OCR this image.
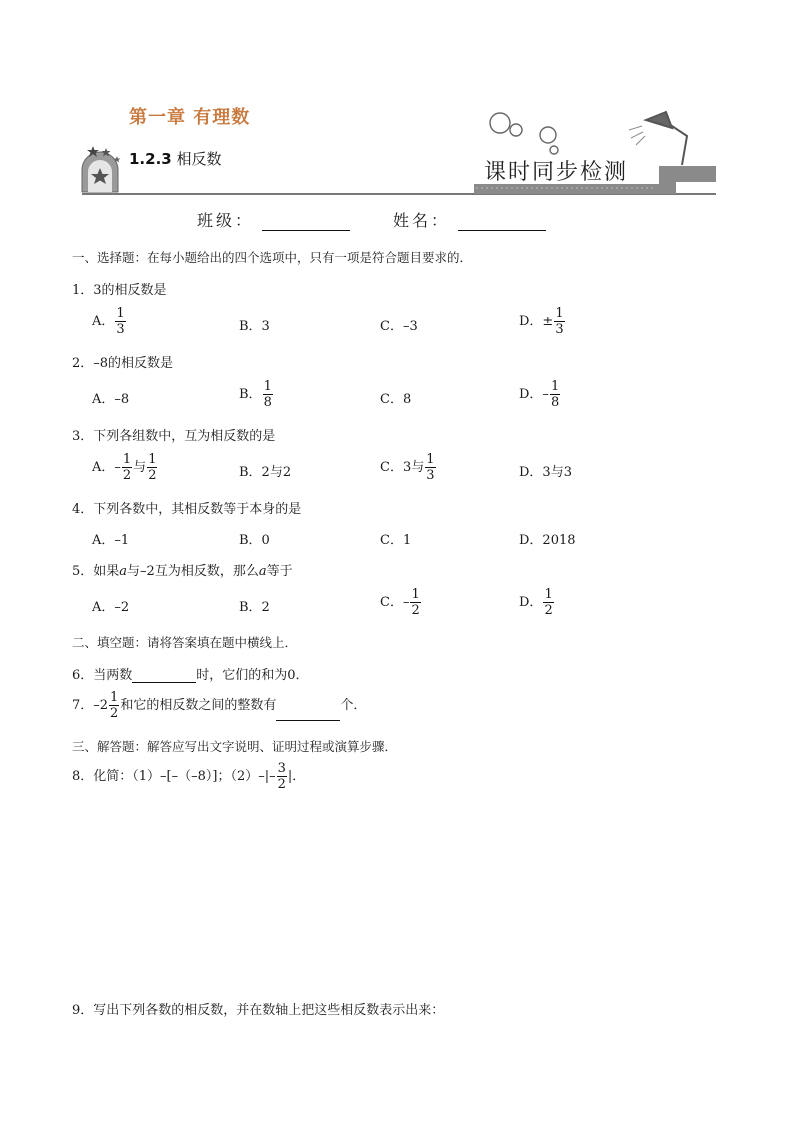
第一章 有理数
1.2.3 相反数
课时同步检测
班级：	姓名：
一、选择题：在每小题给出的四个选项中，只有一项是符合题目要求的．
1．3的相反数是
A． $\frac{1}{3}$	B．3	C．–3	D．± $\frac{1}{3}$
2．–8的相反数是
A．–8	B． $\frac{1}{8}$	C．8	D．– $\frac{1}{8}$
3．下列各组数中，互为相反数的是
A．– $\frac{1}{2}$ 与 $\frac{1}{2}$	B．2与2	C．3与 $\frac{1}{3}$	D．3与3
4．下列各数中，其相反数等于本身的是
A．–1	B．0	C．1	D．2018
5．如果a与–2互为相反数，那么a等于
A．–2	B．2	C．– $\frac{1}{2}$	D． $\frac{1}{2}$
二、填空题：请将答案填在题中横线上．
6．当两数	时，它们的和为0．
7．$-2 \frac{1}{2}$ 和它的相反数之间的整数有	个．
三、解答题：解答应写出文字说明、证明过程或演算步骤．
8．化简：（1）–[–（–8）]；$(2)-|- \frac{3}{2}$ |．
9．写出下列各数的相反数，并在数轴上把这些相反数表示出来：
